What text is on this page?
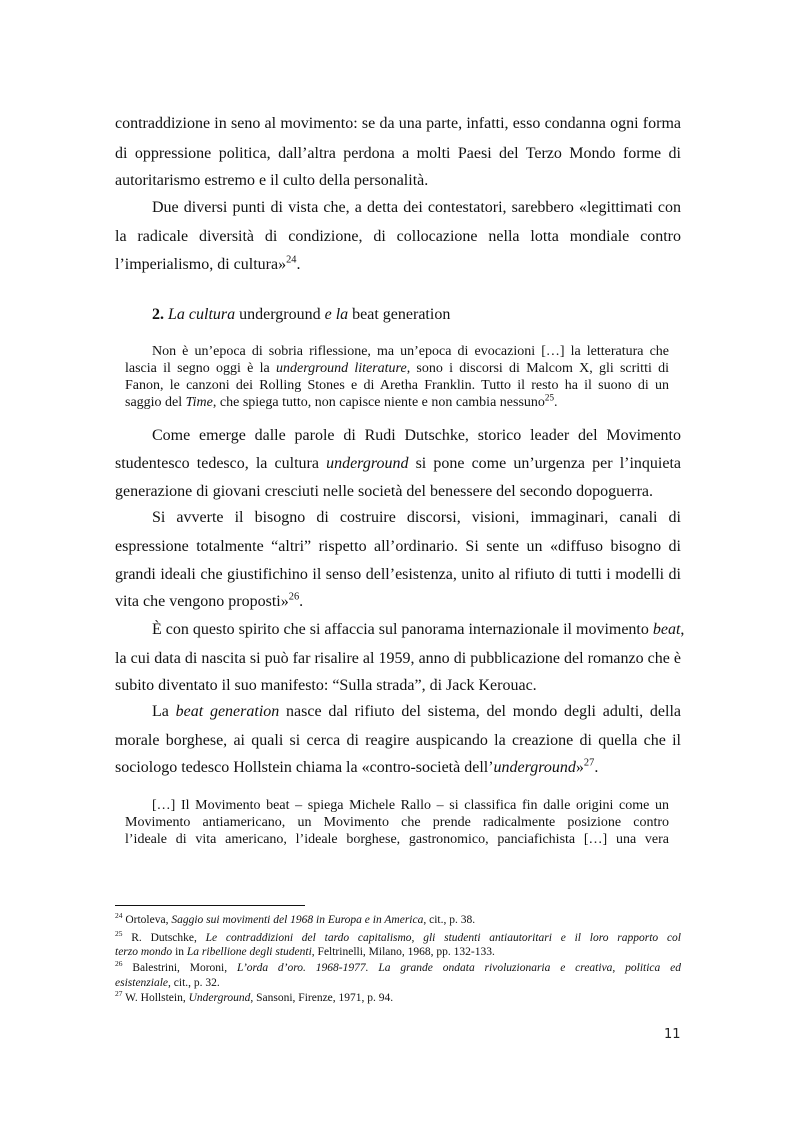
contraddizione in seno al movimento: se da una parte, infatti, esso condanna ogni forma
di oppressione politica, dall’altra perdona a molti Paesi del Terzo Mondo forme di
autoritarismo estremo e il culto della personalità.
Due diversi punti di vista che, a detta dei contestatori, sarebbero «legittimati con
la radicale diversità di condizione, di collocazione nella lotta mondiale contro
l’imperialismo, di cultura»$^{24}$.
2. La cultura underground e la beat generation
Non è un’epoca di sobria riflessione, ma un’epoca di evocazioni […] la letteratura che
lascia il segno oggi è la underground literature, sono i discorsi di Malcom X, gli scritti di
Fanon, le canzoni dei Rolling Stones e di Aretha Franklin. Tutto il resto ha il suono di un
saggio del Time, che spiega tutto, non capisce niente e non cambia nessuno$^{25}$.
Come emerge dalle parole di Rudi Dutschke, storico leader del Movimento
studentesco tedesco, la cultura underground si pone come un’urgenza per l’inquieta
generazione di giovani cresciuti nelle società del benessere del secondo dopoguerra.
Si avverte il bisogno di costruire discorsi, visioni, immaginari, canali di
espressione totalmente “altri” rispetto all’ordinario. Si sente un «diffuso bisogno di
grandi ideali che giustifichino il senso dell’esistenza, unito al rifiuto di tutti i modelli di
vita che vengono proposti»$^{26}$.
È con questo spirito che si affaccia sul panorama internazionale il movimento beat,
la cui data di nascita si può far risalire al 1959, anno di pubblicazione del romanzo che è
subito diventato il suo manifesto: “Sulla strada”, di Jack Kerouac.
La beat generation nasce dal rifiuto del sistema, del mondo degli adulti, della
morale borghese, ai quali si cerca di reagire auspicando la creazione di quella che il
sociologo tedesco Hollstein chiama la «contro-società dell’underground»$^{27}$.
[…] Il Movimento beat – spiega Michele Rallo – si classifica fin dalle origini come un
Movimento antiamericano, un Movimento che prende radicalmente posizione contro
l’ideale di vita americano, l’ideale borghese, gastronomico, panciafichista […] una vera
$^{24}$ Ortoleva, Saggio sui movimenti del 1968 in Europa e in America, cit., p. 38.
$^{25}$ R. Dutschke, Le contraddizioni del tardo capitalismo, gli studenti antiautoritari e il loro rapporto col
terzo mondo in La ribellione degli studenti, Feltrinelli, Milano, 1968, pp. 132-133.
$^{26}$ Balestrini, Moroni, L’orda d’oro. 1968-1977. La grande ondata rivoluzionaria e creativa, politica ed
esistenziale, cit., p. 32.
$^{27}$ W. Hollstein, Underground, Sansoni, Firenze, 1971, p. 94.
11
